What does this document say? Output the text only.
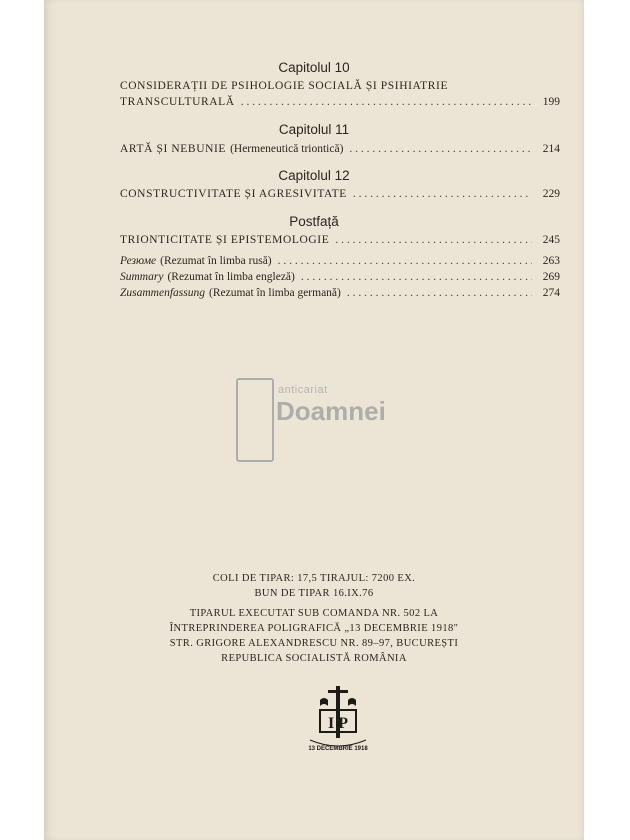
Capitolul 10
CONSIDERAȚII DE PSIHOLOGIE SOCIALĂ ȘI PSIHIATRIE
TRANSCULTURALĂ . . .	199
Capitolul 11
ARTĂ ȘI NEBUNIE (Hermeneutică triontică) . . .	214
Capitolul 12
CONSTRUCTIVITATE ȘI AGRESIVITATE . . .	229
Postfață
TRIONTICITATE ȘI EPISTEMOLOGIE . . .	245
Резюме (Rezumat în limba rusă) . . .	263
Summary (Rezumat în limba engleză) . . .	269
Zusammenfassung (Rezumat în limba germană) . . .	274
anticariat
Doamnei
COLI DE TIPAR: 17,5 TIRAJUL: 7200 EX.
BUN DE TIPAR 16.IX.76
TIPARUL EXECUTAT SUB COMANDA NR. 502 LA
ÎNTREPRINDEREA POLIGRAFICĂ „13 DECEMBRIE 1918"
STR. GRIGORE ALEXANDRESCU NR. 89–97, BUCUREȘTI
REPUBLICA SOCIALISTĂ ROMÂNIA
I P
13 DECEMBRIE 1918
